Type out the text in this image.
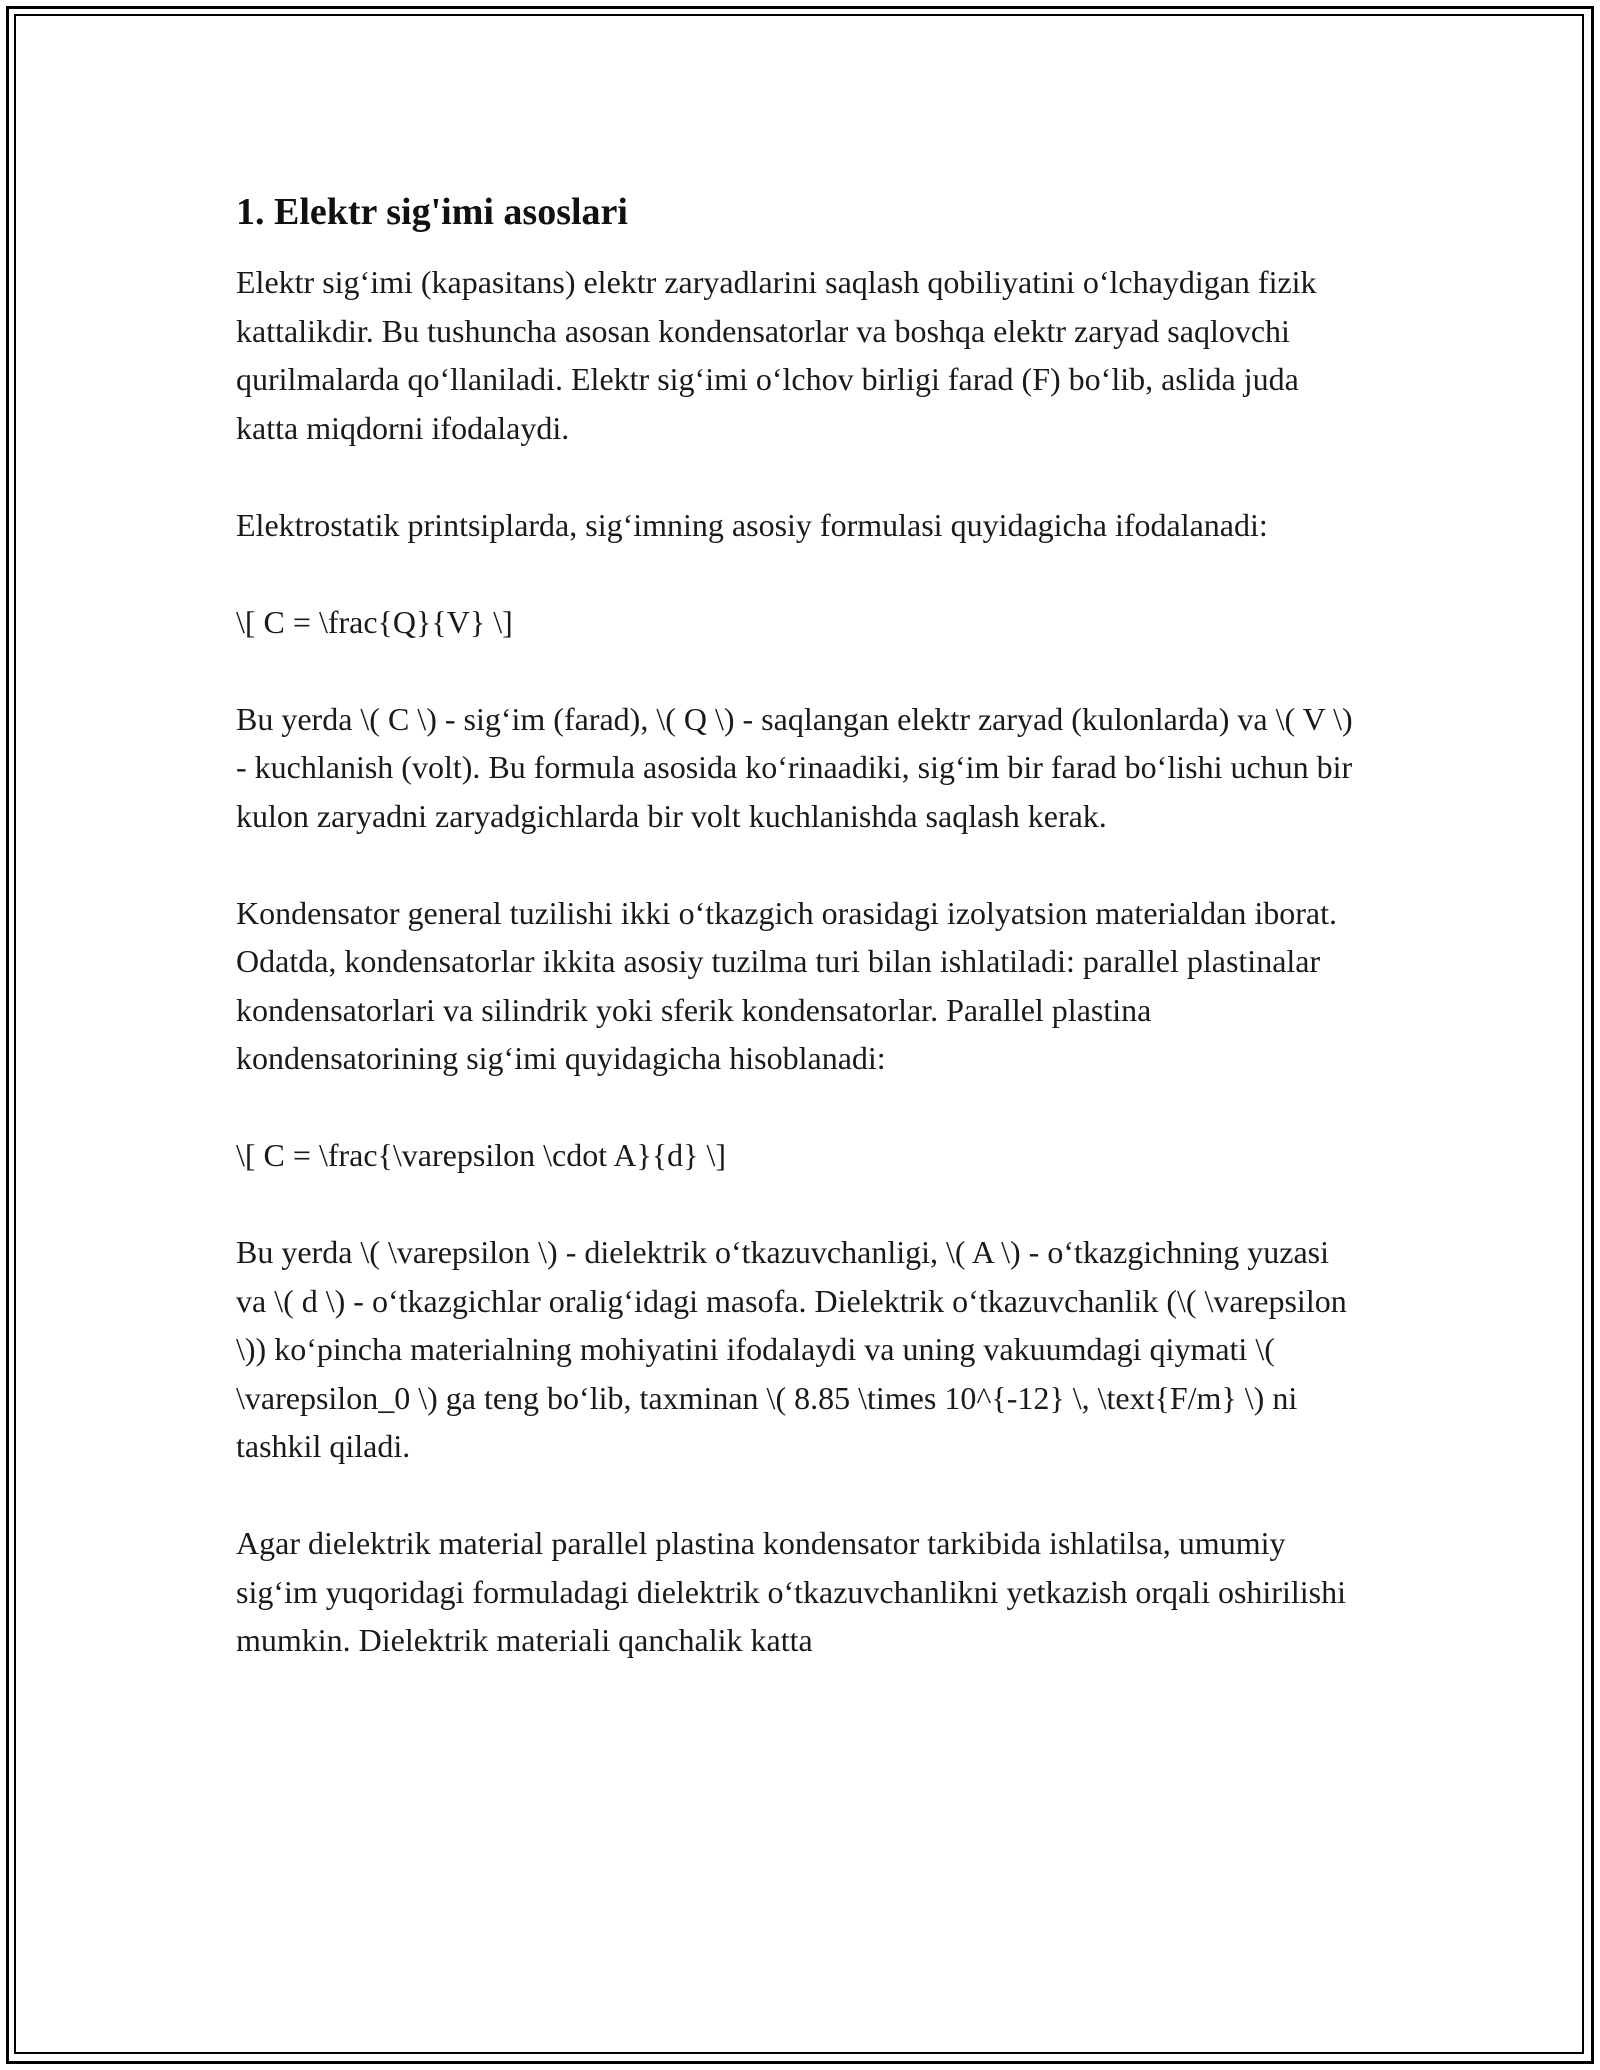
1. Elektr sig'imi asoslari

Elektr sig‘imi (kapasitans) elektr zaryadlarini saqlash qobiliyatini o‘lchaydigan fizik kattalikdir. Bu tushuncha asosan kondensatorlar va boshqa elektr zaryad saqlovchi qurilmalarda qo‘llaniladi. Elektr sig‘imi o‘lchov birligi farad (F) bo‘lib, aslida juda katta miqdorni ifodalaydi.

Elektrostatik printsiplarda, sig‘imning asosiy formulasi quyidagicha ifodalanadi:

\[ C = \frac{Q}{V} \]

Bu yerda \( C \) - sig‘im (farad), \( Q \) - saqlangan elektr zaryad (kulonlarda) va \( V \) - kuchlanish (volt). Bu formula asosida ko‘rinaadiki, sig‘im bir farad bo‘lishi uchun bir kulon zaryadni zaryadgichlarda bir volt kuchlanishda saqlash kerak.

Kondensator general tuzilishi ikki o‘tkazgich orasidagi izolyatsion materialdan iborat. Odatda, kondensatorlar ikkita asosiy tuzilma turi bilan ishlatiladi: parallel plastinalar kondensatorlari va silindrik yoki sferik kondensatorlar. Parallel plastina kondensatorining sig‘imi quyidagicha hisoblanadi:

\[ C = \frac{\varepsilon \cdot A}{d} \]

Bu yerda \( \varepsilon \) - dielektrik o‘tkazuvchanligi, \( A \) - o‘tkazgichning yuzasi va \( d \) - o‘tkazgichlar oralig‘idagi masofa. Dielektrik o‘tkazuvchanlik (\( \varepsilon \)) ko‘pincha materialning mohiyatini ifodalaydi va uning vakuumdagi qiymati \( \varepsilon_0 \) ga teng bo‘lib, taxminan \( 8.85 \times 10^{-12} \, \text{F/m} \) ni tashkil qiladi.

Agar dielektrik material parallel plastina kondensator tarkibida ishlatilsa, umumiy sig‘im yuqoridagi formuladagi dielektrik o‘tkazuvchanlikni yetkazish orqali oshirilishi mumkin. Dielektrik materiali qanchalik katta
